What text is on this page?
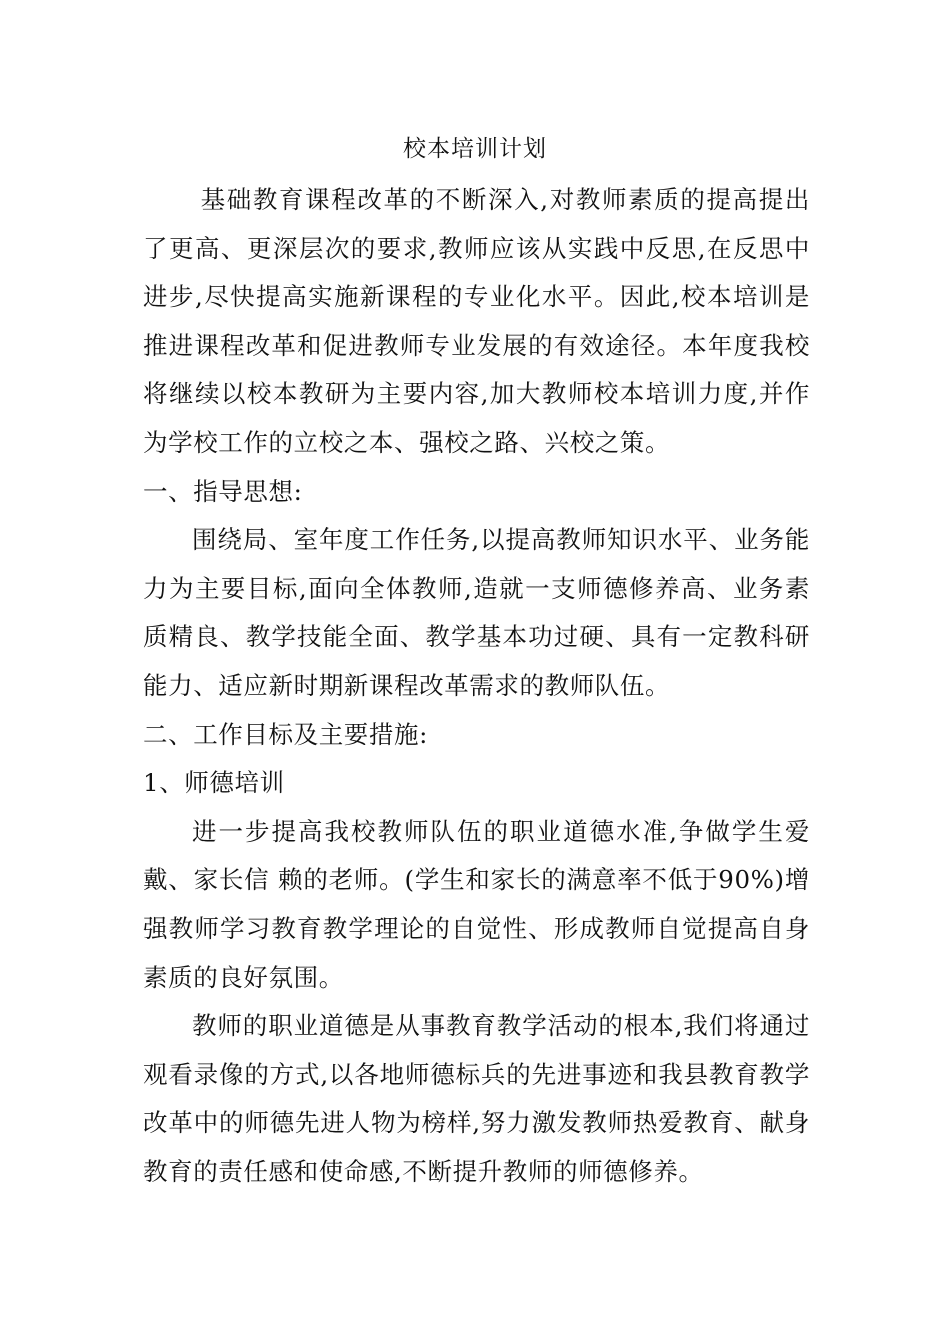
校本培训计划

基础教育课程改革的不断深入,对教师素质的提高提出了更高、更深层次的要求,教师应该从实践中反思,在反思中进步,尽快提高实施新课程的专业化水平。因此,校本培训是推进课程改革和促进教师专业发展的有效途径。本年度我校将继续以校本教研为主要内容,加大教师校本培训力度,并作为学校工作的立校之本、强校之路、兴校之策。

一、指导思想:

围绕局、室年度工作任务,以提高教师知识水平、业务能力为主要目标,面向全体教师,造就一支师德修养高、业务素质精良、教学技能全面、教学基本功过硬、具有一定教科研能力、适应新时期新课程改革需求的教师队伍。

二、工作目标及主要措施:

1、师德培训

进一步提高我校教师队伍的职业道德水准,争做学生爱戴、家长信 赖的老师。(学生和家长的满意率不低于90%)增强教师学习教育教学理论的自觉性、形成教师自觉提高自身素质的良好氛围。

教师的职业道德是从事教育教学活动的根本,我们将通过观看录像的方式,以各地师德标兵的先进事迹和我县教育教学改革中的师德先进人物为榜样,努力激发教师热爱教育、献身教育的责任感和使命感,不断提升教师的师德修养。
